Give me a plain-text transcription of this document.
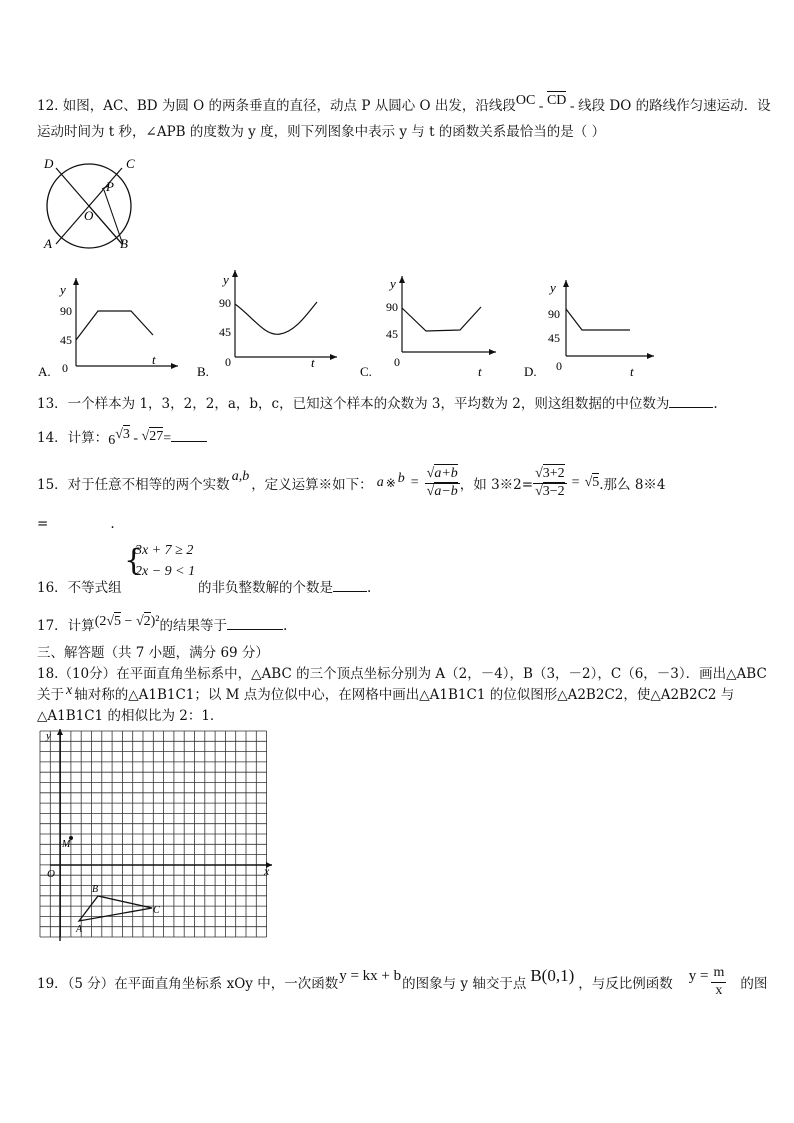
12. 如图，AC、BD 为圆 O 的两条垂直的直径，动点 P 从圆心 O 出发，沿线段OC - CD - 线段 DO 的路线作匀速运动．设
运动时间为 t 秒，∠APB 的度数为 y 度，则下列图象中表示 y 与 t 的函数关系最恰当的是（ ）
D	C
P
O
A	B
y
90
45
0
t
A.
y
90
45
0	t
B.
y
90
45
0
t
C.
y
90
45
0	t
D.
13．一个样本为 1，3，2，2，a，b，c，已知这个样本的众数为 3，平均数为 2，则这组数据的中位数为	.
14．计算：6√3 - √27=
15．对于任意不相等的两个实数
a,b
，定义运算※如下： a ※ $b = \frac{√a+b}{√a-b}$ ，如 3※2= $\frac{√3+2}{√3-2} = √5$ .那么 8※4
=	.
16．不等式组
{
3x + 7 ≥ 2
2x − 9 < 1
的非负整数解的个数是	.
17．计算(2√5 − √2)²的结果等于	.
三、解答题（共 7 小题，满分 69 分）
18.（10分）在平面直角坐标系中，△ABC 的三个顶点坐标分别为 A（2，－4），B（3，－2），C（6，－3）．画出△ABC
关于 x 轴对称的△A1B1C1；以 M 点为位似中心，在网格中画出△A1B1C1 的位似图形△A2B2C2，使△A2B2C2 与
△A1B1C1 的相似比为 2：1．
y
x
O
M
A
B
C
19．（5 分）在平面直角坐标系 xOy 中，一次函数
y = kx + b
的图象与 y 轴交于点 B(0,1) ，与反比例函数
$y = \frac{m}{x}$ 的图
